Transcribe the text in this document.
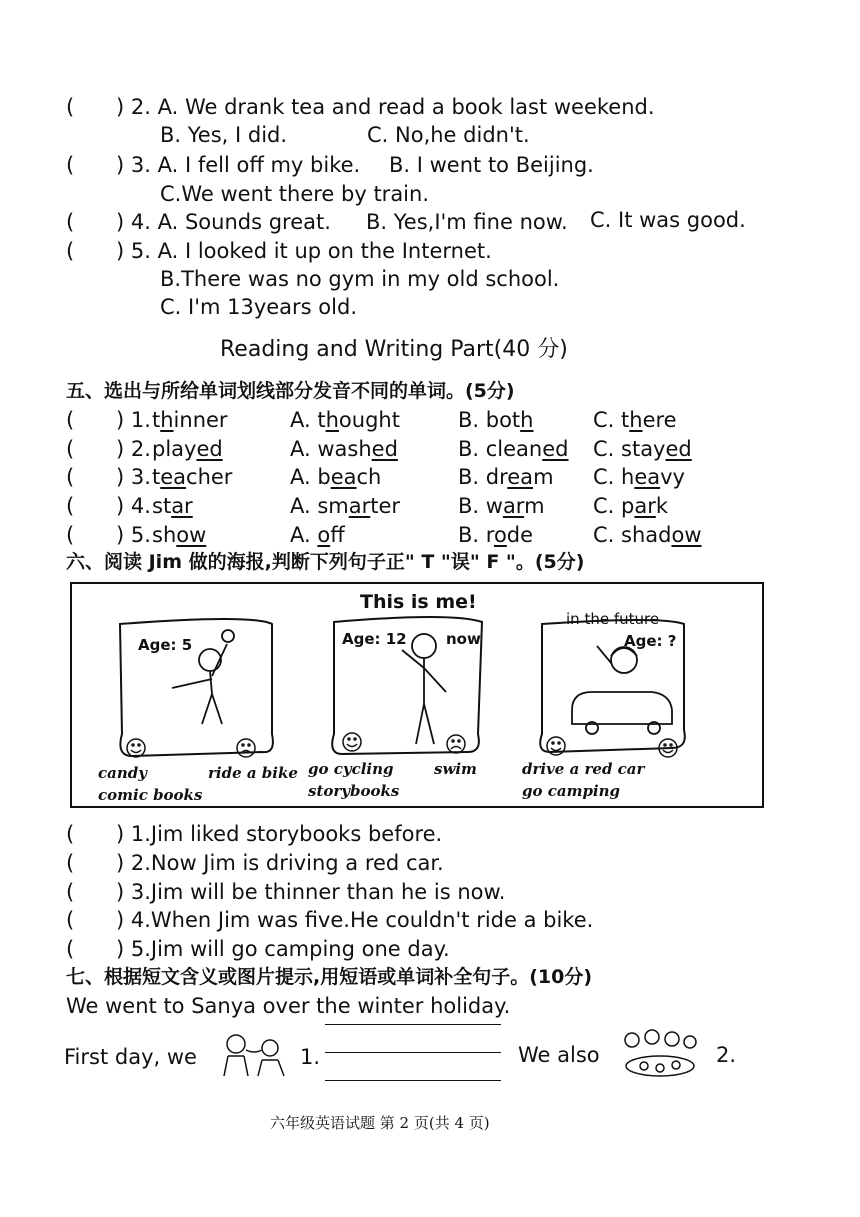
( ) 2. A. We drank tea and read a book last weekend.
B. Yes, I did.	C. No,he didn't.
( ) 3. A. I fell off my bike. B. I went to Beijing.
C.We went there by train.
( ) 4. A. Sounds great. B. Yes,I'm fine now. C. It was good.
( ) 5. A. I looked it up on the Internet.
B.There was no gym in my old school.
C. I'm 13years old.
Reading and Writing Part(40 分)
五、选出与所给单词划线部分发音不同的单词。(5分)
( ) 1. thinner	A. thought	B. both	C. there
( ) 2. played	A. washed	B. cleaned C. stayed
( ) 3. teacher	A. beach	B. dream C. heavy
( ) 4. star	A. smarter	B. warm C. park
( ) 5. show	A. off	B. rode	C. shadow
六、阅读 Jim 做的海报,判断下列句子正" T "误" F "。(5分)
This is me!
Age: 5	Age: 12	now
in the future
Age: ?
candy
comic books
ride a bike go cycling
storybooks
swim	drive a red car
go camping
( ) 1.Jim liked storybooks before.
( ) 2.Now Jim is driving a red car.
( ) 3.Jim will be thinner than he is now.
( ) 4.When Jim was five.He couldn't ride a bike.
( ) 5.Jim will go camping one day.
七、根据短文含义或图片提示,用短语或单词补全句子。(10分)
We went to Sanya over the winter holiday.
First day, we	1.	We also	2.
六年级英语试题 第 2 页(共 4 页)
